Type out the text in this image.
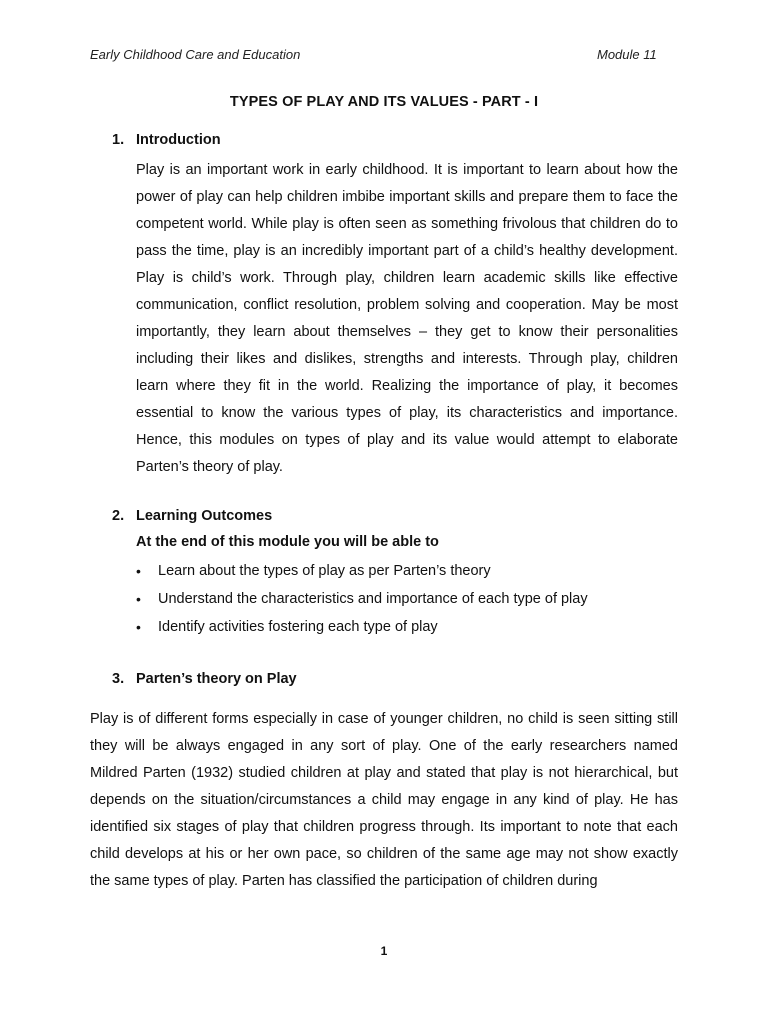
Early Childhood Care and Education	Module 11
TYPES OF PLAY AND ITS VALUES - PART - I
1. Introduction
Play is an important work in early childhood. It is important to learn about how the power of play can help children imbibe important skills and prepare them to face the competent world. While play is often seen as something frivolous that children do to pass the time, play is an incredibly important part of a child’s healthy development. Play is child’s work. Through play, children learn academic skills like effective communication, conflict resolution, problem solving and cooperation. May be most importantly, they learn about themselves – they get to know their personalities including their likes and dislikes, strengths and interests. Through play, children learn where they fit in the world. Realizing the importance of play, it becomes essential to know the various types of play, its characteristics and importance. Hence, this modules on types of play and its value would attempt to elaborate Parten’s theory of play.
2. Learning Outcomes
At the end of this module you will be able to
• Learn about the types of play as per Parten’s theory
• Understand the characteristics and importance of each type of play
• Identify activities fostering each type of play
3. Parten’s theory on Play
Play is of different forms especially in case of younger children, no child is seen sitting still they will be always engaged in any sort of play. One of the early researchers named Mildred Parten (1932) studied children at play and stated that play is not hierarchical, but depends on the situation/circumstances a child may engage in any kind of play. He has identified six stages of play that children progress through. Its important to note that each child develops at his or her own pace, so children of the same age may not show exactly the same types of play. Parten has classified the participation of children during
1
